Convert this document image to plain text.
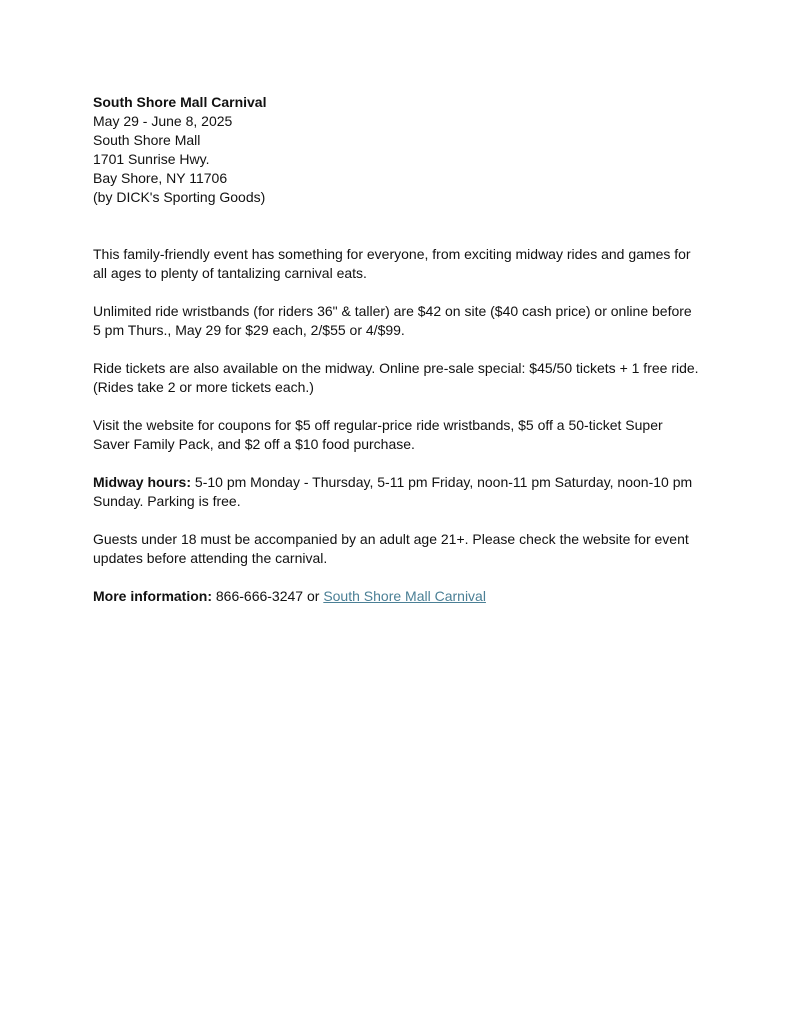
South Shore Mall Carnival

May 29 - June 8, 2025

South Shore Mall

1701 Sunrise Hwy.

Bay Shore, NY 11706

(by DICK's Sporting Goods)

This family-friendly event has something for everyone, from exciting midway rides and games for all ages to plenty of tantalizing carnival eats.

Unlimited ride wristbands (for riders 36" & taller) are $42 on site ($40 cash price) or online before 5 pm Thurs., May 29 for $29 each, 2/$55 or 4/$99.

Ride tickets are also available on the midway. Online pre-sale special: $45/50 tickets + 1 free ride. (Rides take 2 or more tickets each.)

Visit the website for coupons for $5 off regular-price ride wristbands, $5 off a 50-ticket Super Saver Family Pack, and $2 off a $10 food purchase.

Midway hours: 5-10 pm Monday - Thursday, 5-11 pm Friday, noon-11 pm Saturday, noon-10 pm Sunday. Parking is free.

Guests under 18 must be accompanied by an adult age 21+. Please check the website for event updates before attending the carnival.

More information: 866-666-3247 or South Shore Mall Carnival
